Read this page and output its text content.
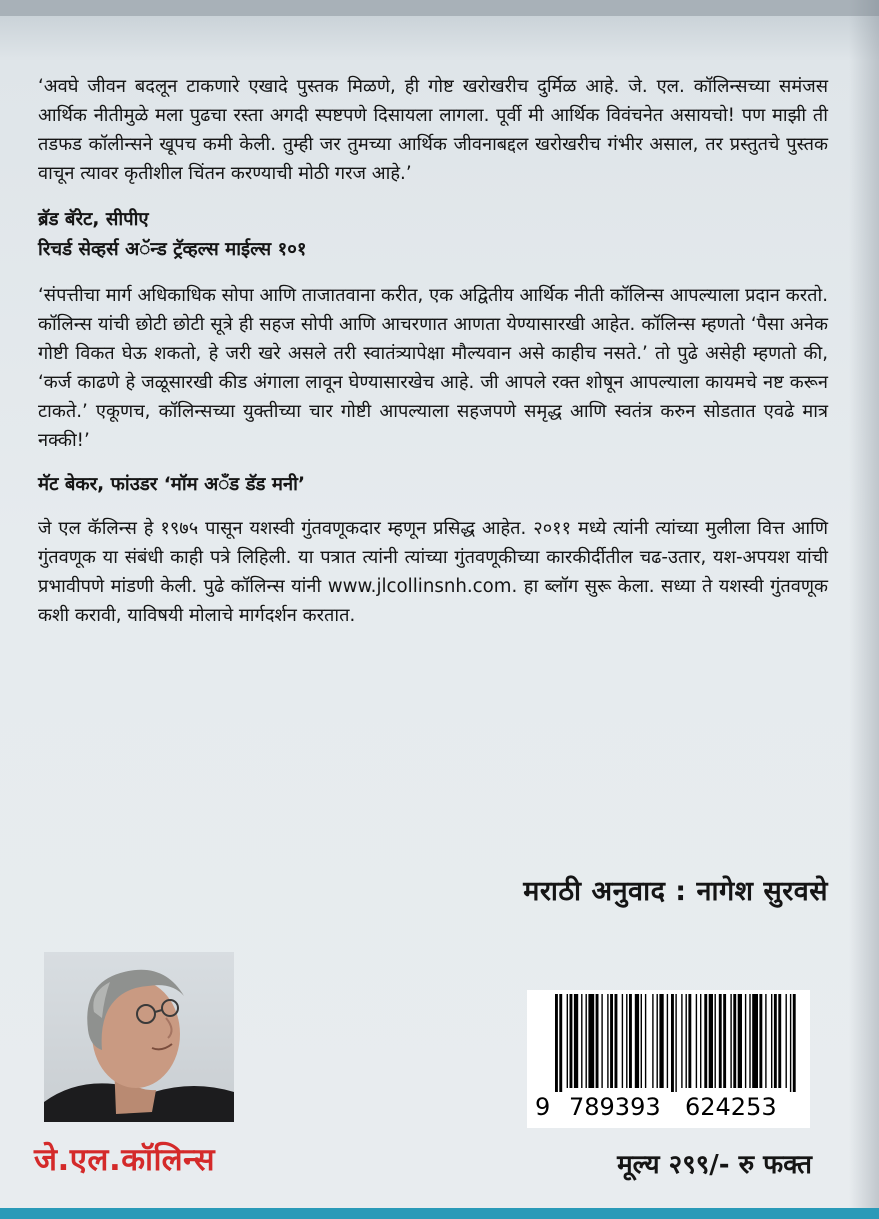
‘अवघे जीवन बदलून टाकणारे एखादे पुस्तक मिळणे, ही गोष्ट खरोखरीच दुर्मिळ आहे. जे. एल. कॉलिन्सच्या समंजस आर्थिक नीतीमुळे मला पुढचा रस्ता अगदी स्पष्टपणे दिसायला लागला. पूर्वी मी आर्थिक विवंचनेत असायचो! पण माझी ती तडफड कॉलीन्सने खूपच कमी केली. तुम्ही जर तुमच्या आर्थिक जीवनाबद्दल खरोखरीच गंभीर असाल, तर प्रस्तुतचे पुस्तक वाचून त्यावर कृतीशील चिंतन करण्याची मोठी गरज आहे.’

ब्रॅड बॅरेट, सीपीए

रिचर्ड सेव्हर्स अॅन्ड ट्रॅव्हल्स माईल्स १०१

‘संपत्तीचा मार्ग अधिकाधिक सोपा आणि ताजातवाना करीत, एक अद्वितीय आर्थिक नीती कॉलिन्स आपल्याला प्रदान करतो. कॉलिन्स यांची छोटी छोटी सूत्रे ही सहज सोपी आणि आचरणात आणता येण्यासारखी आहेत. कॉलिन्स म्हणतो ‘पैसा अनेक गोष्टी विकत घेऊ शकतो, हे जरी खरे असले तरी स्वातंत्र्यापेक्षा मौल्यवान असे काहीच नसते.’ तो पुढे असेही म्हणतो की, ‘कर्ज काढणे हे जळूसारखी कीड अंगाला लावून घेण्यासारखेच आहे. जी आपले रक्त शोषून आपल्याला कायमचे नष्ट करून टाकते.’ एकूणच, कॉलिन्सच्या युक्तीच्या चार गोष्टी आपल्याला सहजपणे समृद्ध आणि स्वतंत्र करुन सोडतात एवढे मात्र नक्की!’

मॅट बेकर, फांउडर ‘मॉम अॅंड डॅड मनी’

जे एल कॅलिन्स हे १९७५ पासून यशस्वी गुंतवणूकदार म्हणून प्रसिद्ध आहेत. २०११ मध्ये त्यांनी त्यांच्या मुलीला वित्त आणि गुंतवणूक या संबंधी काही पत्रे लिहिली. या पत्रात त्यांनी त्यांच्या गुंतवणूकीच्या कारकीर्दीतील चढ-उतार, यश-अपयश यांची प्रभावीपणे मांडणी केली. पुढे कॉलिन्स यांनी www.jlcollinsnh.com. हा ब्लॉग सुरू केला. सध्या ते यशस्वी गुंतवणूक कशी करावी, याविषयी मोलाचे मार्गदर्शन करतात.

मराठी अनुवाद : नागेश सुरवसे
जे.एल.कॉलिन्स
9 789393 624253
मूल्य २९९/- रु फक्त
